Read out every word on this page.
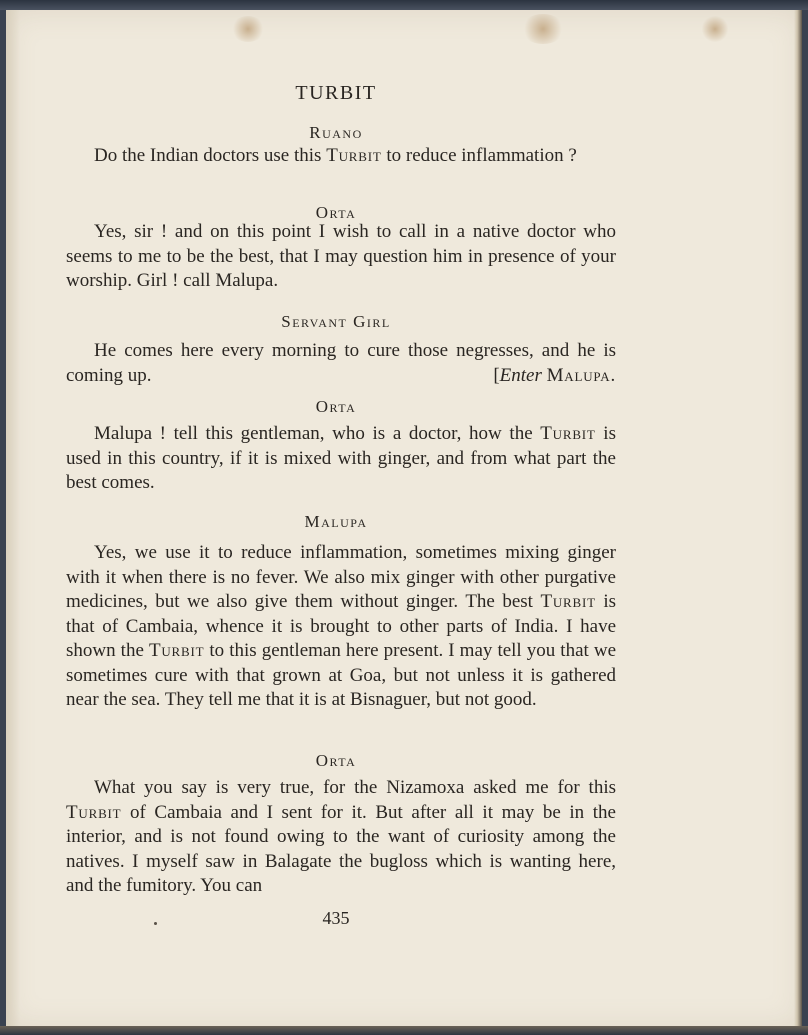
TURBIT
Ruano

Do the Indian doctors use this Turbit to reduce inflammation ?

Orta

Yes, sir ! and on this point I wish to call in a native doctor who seems to me to be the best, that I may question him in presence of your worship. Girl ! call Malupa.

Servant Girl

He comes here every morning to cure those negresses, and he is coming up.	[Enter Malupa.

Orta

Malupa ! tell this gentleman, who is a doctor, how the Turbit is used in this country, if it is mixed with ginger, and from what part the best comes.

Malupa

Yes, we use it to reduce inflammation, sometimes mixing ginger with it when there is no fever. We also mix ginger with other purgative medicines, but we also give them without ginger. The best Turbit is that of Cambaia, whence it is brought to other parts of India. I have shown the Turbit to this gentleman here present. I may tell you that we sometimes cure with that grown at Goa, but not unless it is gathered near the sea. They tell me that it is at Bisnaguer, but not good.

Orta

What you say is very true, for the Nizamoxa asked me for this Turbit of Cambaia and I sent for it. But after all it may be in the interior, and is not found owing to the want of curiosity among the natives. I myself saw in Balagate the bugloss which is wanting here, and the fumitory. You can

435
